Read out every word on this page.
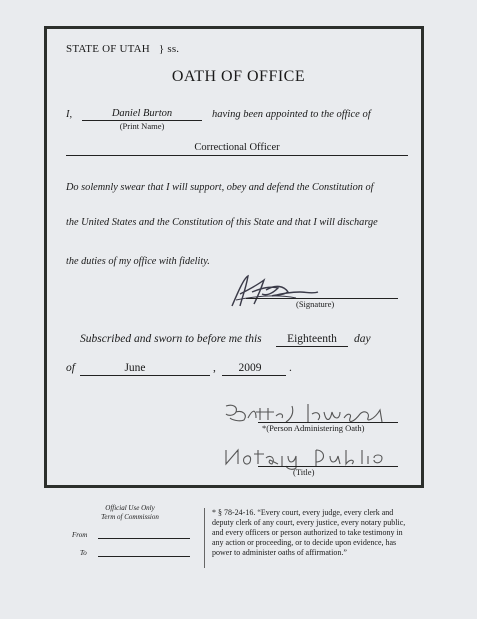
STATE OF UTAH } ss.
OATH OF OFFICE
I,	Daniel Burton
(Print Name)
having been appointed to the office of
Correctional Officer
Do solemnly swear that I will support, obey and defend the Constitution of
the United States and the Constitution of this State and that I will discharge
the duties of my office with fidelity.
(Signature)
Subscribed and sworn to before me this	Eighteenth	day
of	June	,	2009	.
*(Person Administering Oath)
(Title)
Official Use Only
Term of Commission
From
To
* § 78-24-16. “Every court, every judge, every clerk and
deputy clerk of any court, every justice, every notary public,
and every officers or person authorized to take testimony in
any action or proceeding, or to decide upon evidence, has
power to administer oaths of affirmation.”
